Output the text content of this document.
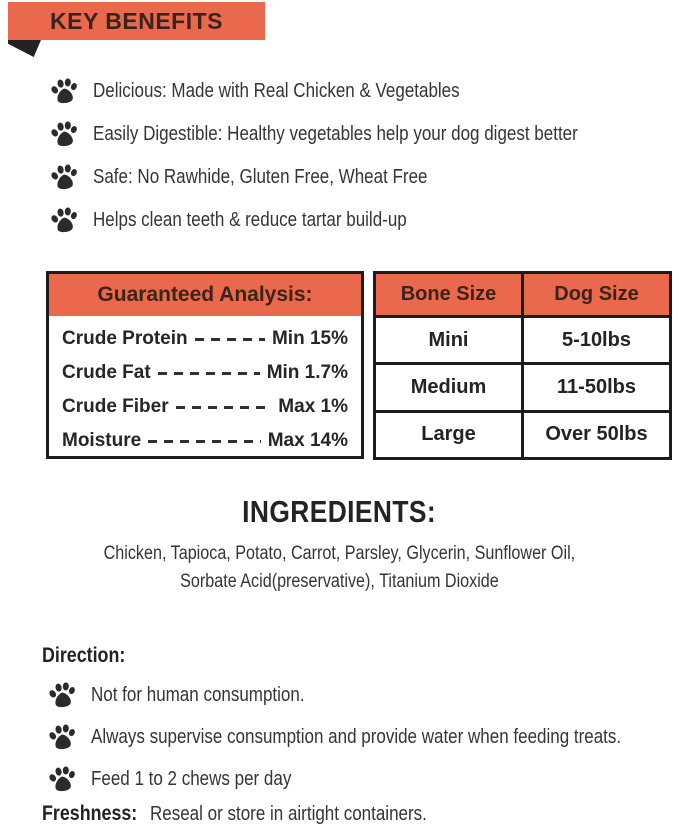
KEY BENEFITS
Delicious: Made with Real Chicken & Vegetables
Easily Digestible: Healthy vegetables help your dog digest better
Safe: No Rawhide, Gluten Free, Wheat Free
Helps clean teeth & reduce tartar build-up
Guaranteed Analysis:
Crude Protein	Min 15%
Crude Fat	Min 1.7%
Crude Fiber	Max 1%
Moisture	Max 14%
Bone Size	Dog Size
Mini	5-10lbs
Medium	11-50lbs
Large	Over 50lbs
INGREDIENTS:
Chicken, Tapioca, Potato, Carrot, Parsley, Glycerin, Sunflower Oil,
Sorbate Acid(preservative), Titanium Dioxide
Direction:
Not for human consumption.
Always supervise consumption and provide water when feeding treats.
Feed 1 to 2 chews per day

Freshness: Reseal or store in airtight containers.
